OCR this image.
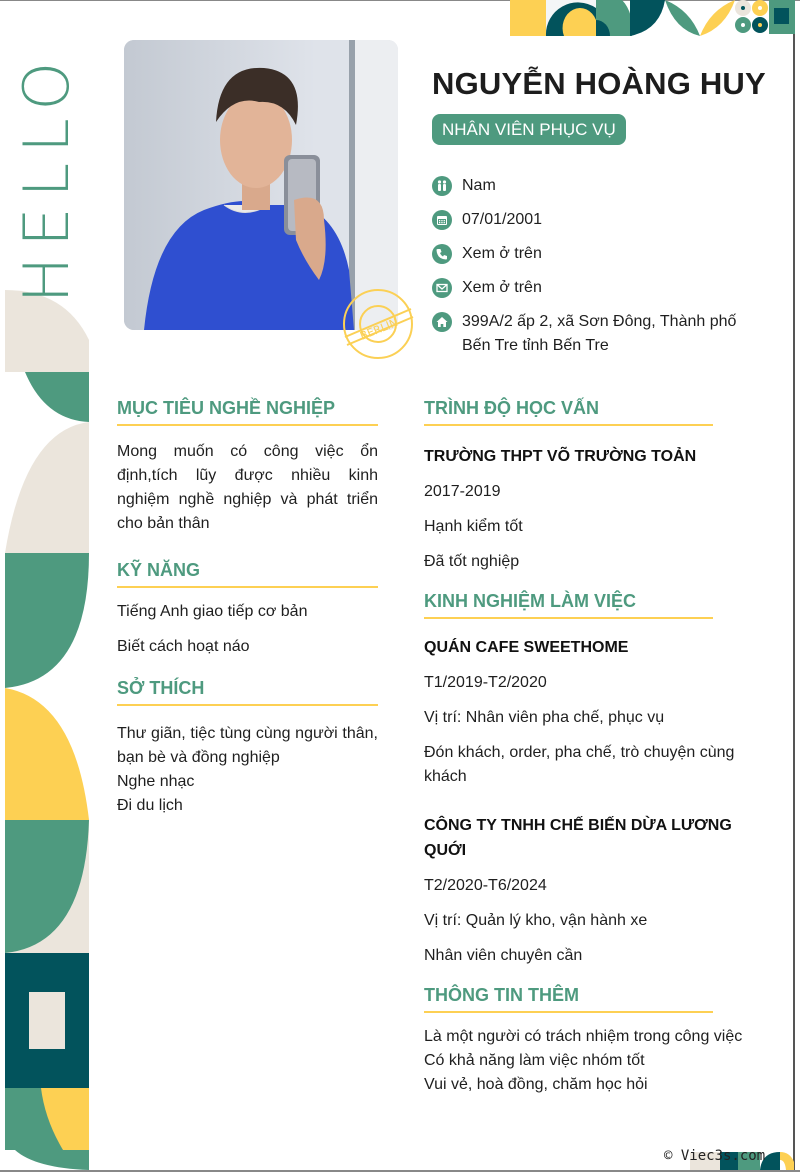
HELLO
BERLIN
NGUYỄN HOÀNG HUY
NHÂN VIÊN PHỤC VỤ
Nam
07/01/2001
Xem ở trên
Xem ở trên
399A/2 ấp 2, xã Sơn Đông, Thành phố Bến Tre tỉnh Bến Tre
MỤC TIÊU NGHỀ NGHIỆP
Mong muốn có công việc ổn định,tích lũy được nhiều kinh nghiệm nghề nghiệp và phát triển cho bản thân
KỸ NĂNG
Tiếng Anh giao tiếp cơ bản
Biết cách hoạt náo
SỞ THÍCH
Thư giãn, tiệc tùng cùng người thân, bạn bè và đồng nghiệp
Nghe nhạc
Đi du lịch
TRÌNH ĐỘ HỌC VẤN
TRƯỜNG THPT VÕ TRƯỜNG TOẢN
2017-2019
Hạnh kiểm tốt
Đã tốt nghiệp
KINH NGHIỆM LÀM VIỆC
QUÁN CAFE SWEETHOME
T1/2019-T2/2020
Vị trí: Nhân viên pha chế, phục vụ
Đón khách, order, pha chế, trò chuyện cùng khách
CÔNG TY TNHH CHẾ BIẾN DỪA LƯƠNG QUỚI
T2/2020-T6/2024
Vị trí: Quản lý kho, vận hành xe
Nhân viên chuyên cần
THÔNG TIN THÊM
Là một người có trách nhiệm trong công việc
Có khả năng làm việc nhóm tốt
Vui vẻ, hoà đồng, chăm học hỏi
© Viec3s.com
